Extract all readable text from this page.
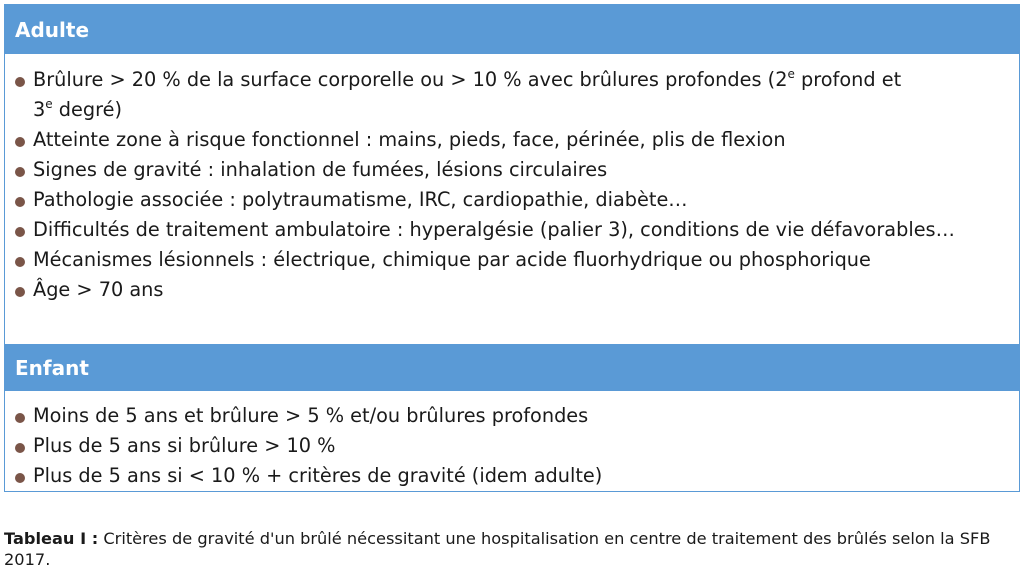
Adulte
Brûlure > 20 % de la surface corporelle ou > 10 % avec brûlures profondes (2e profond et
3e degré)
Atteinte zone à risque fonctionnel : mains, pieds, face, périnée, plis de flexion
Signes de gravité : inhalation de fumées, lésions circulaires
Pathologie associée : polytraumatisme, IRC, cardiopathie, diabète…
Difficultés de traitement ambulatoire : hyperalgésie (palier 3), conditions de vie défavorables…
Mécanismes lésionnels : électrique, chimique par acide fluorhydrique ou phosphorique
Âge > 70 ans
Enfant
Moins de 5 ans et brûlure > 5 % et/ou brûlures profondes
Plus de 5 ans si brûlure > 10 %
Plus de 5 ans si < 10 % + critères de gravité (idem adulte)
Tableau I : Critères de gravité d'un brûlé nécessitant une hospitalisation en centre de traitement des brûlés selon la SFB 2017.
